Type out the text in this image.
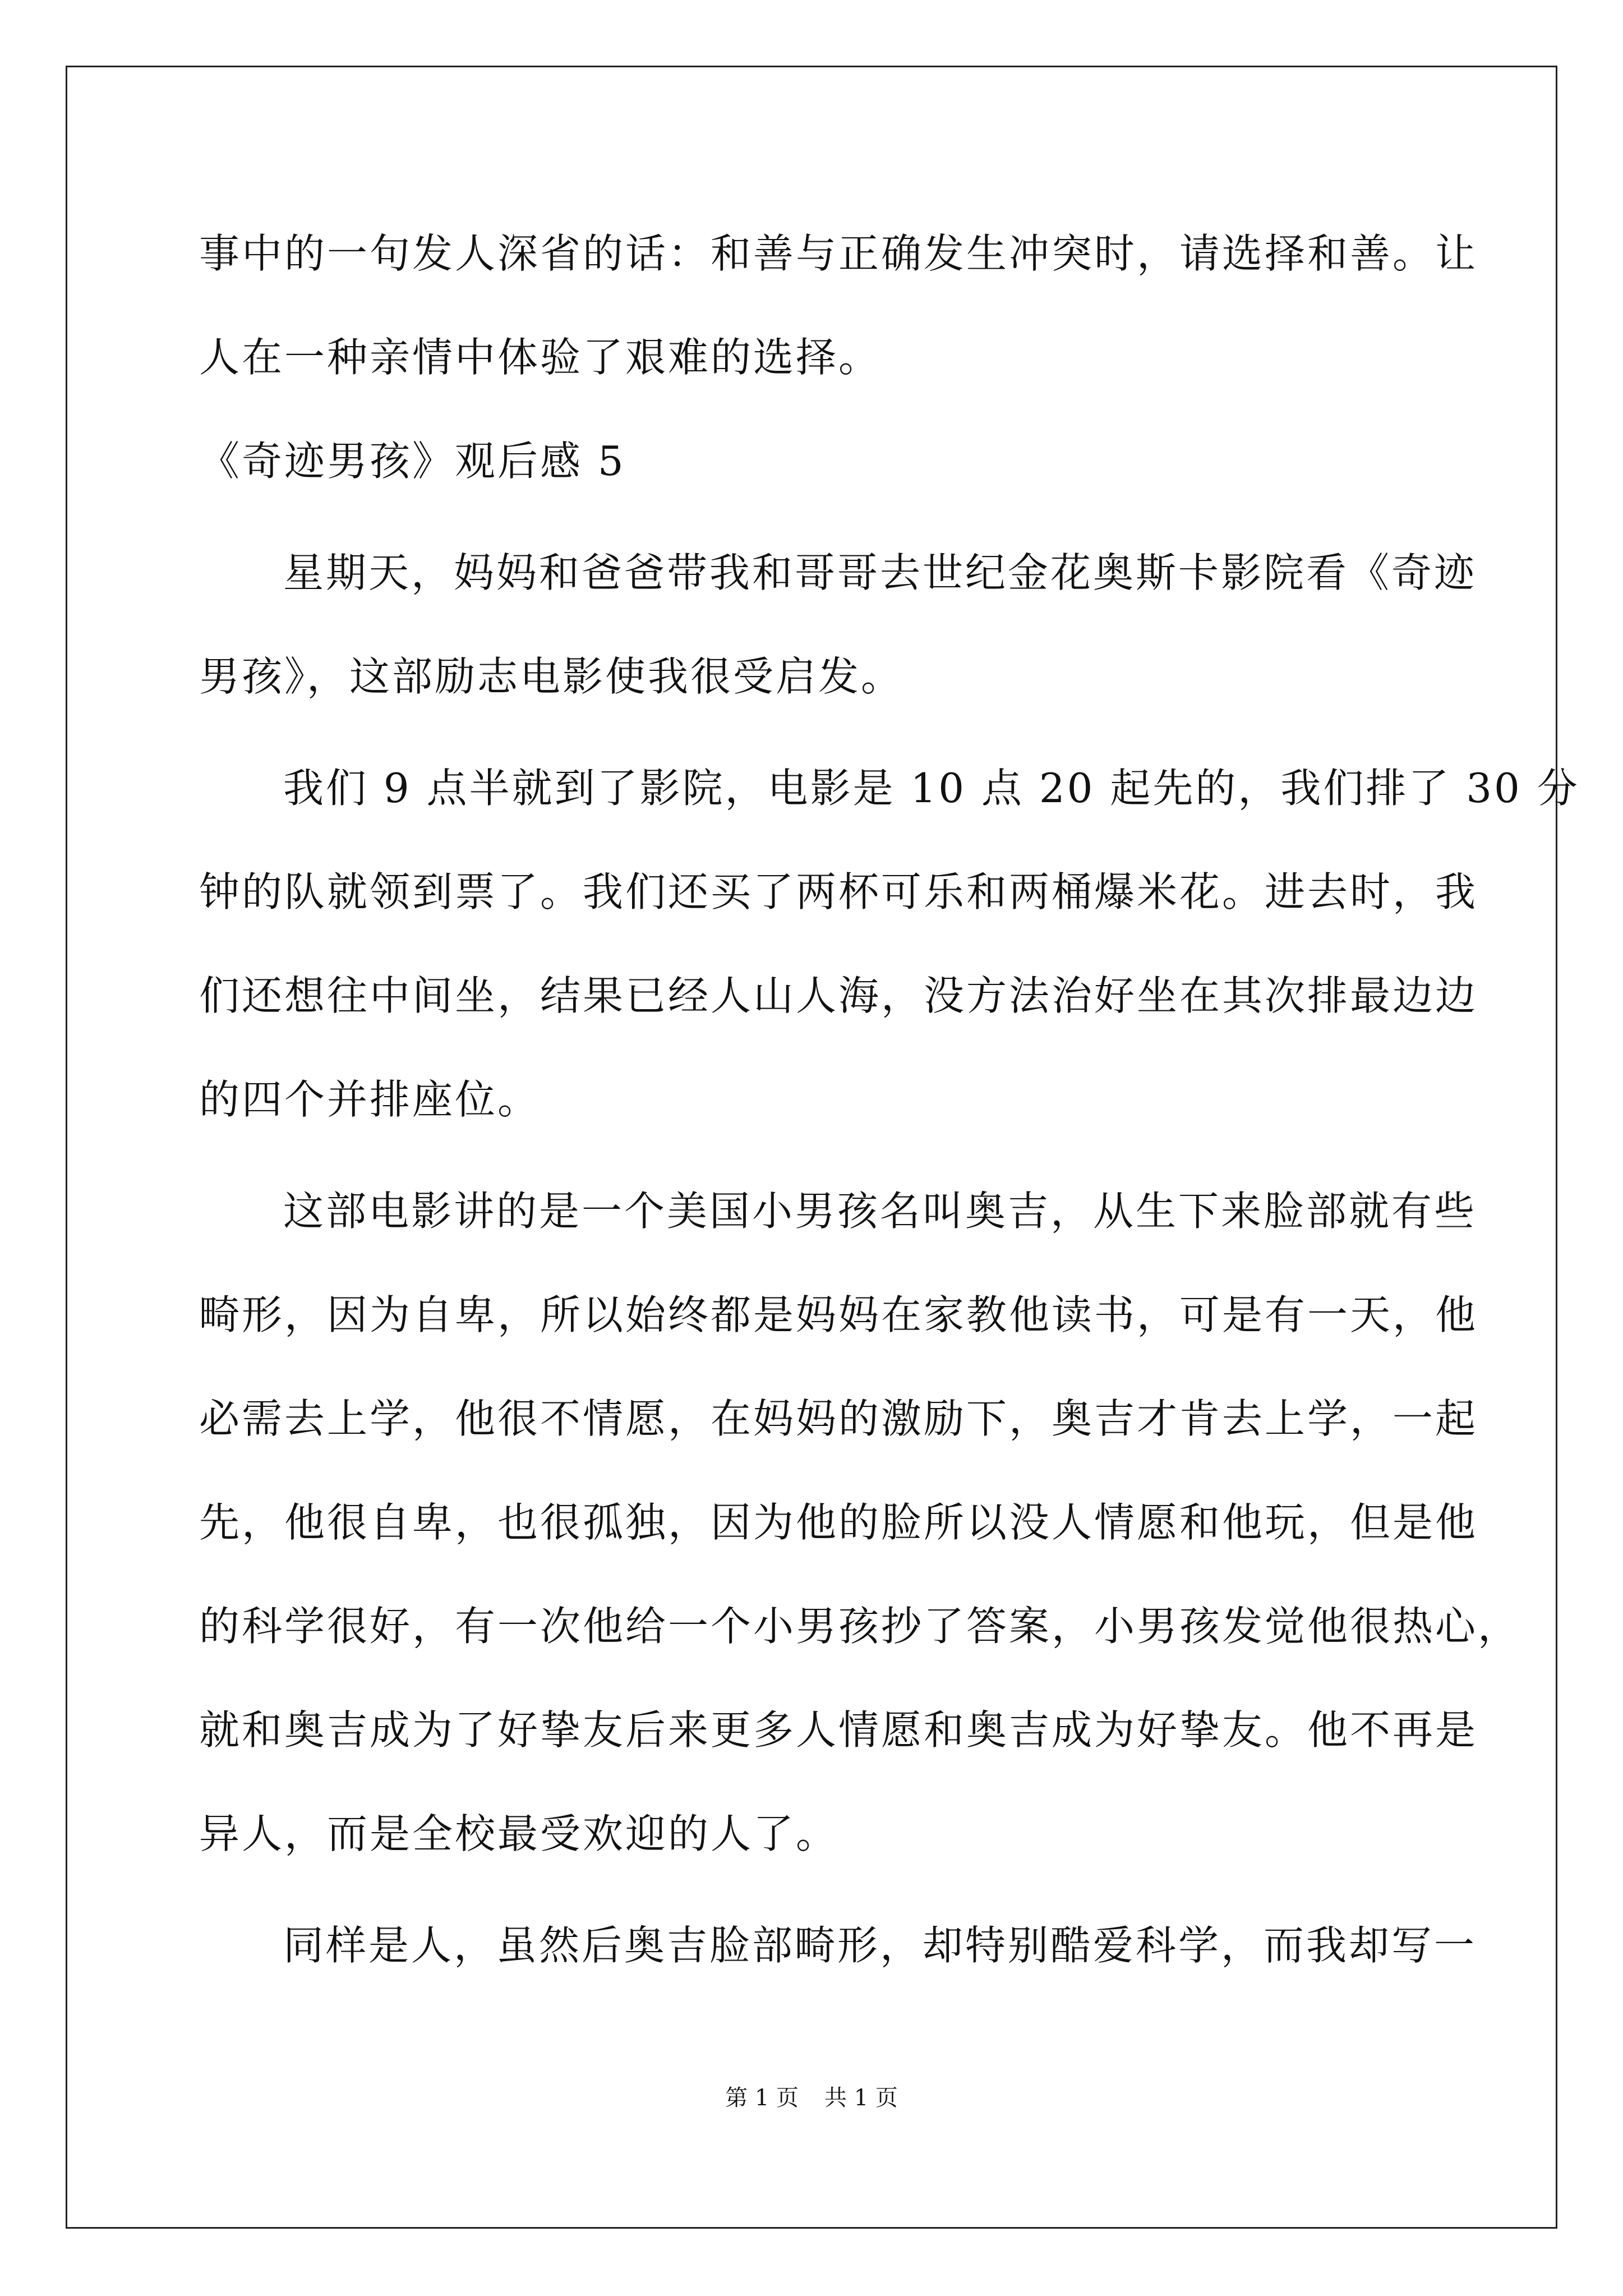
事中的一句发人深省的话：和善与正确发生冲突时，请选择和善。让
人在一种亲情中体验了艰难的选择。
《奇迹男孩》观后感 5
星期天，妈妈和爸爸带我和哥哥去世纪金花奥斯卡影院看《奇迹
男孩》，这部励志电影使我很受启发。
我们 9 点半就到了影院，电影是 10 点 20 起先的，我们排了 30 分
钟的队就领到票了。我们还买了两杯可乐和两桶爆米花。进去时，我
们还想往中间坐，结果已经人山人海，没方法治好坐在其次排最边边
的四个并排座位。
这部电影讲的是一个美国小男孩名叫奥吉，从生下来脸部就有些
畸形，因为自卑，所以始终都是妈妈在家教他读书，可是有一天，他
必需去上学，他很不情愿，在妈妈的激励下，奥吉才肯去上学，一起
先，他很自卑，也很孤独，因为他的脸所以没人情愿和他玩，但是他
的科学很好，有一次他给一个小男孩抄了答案，小男孩发觉他很热心，
就和奥吉成为了好挚友后来更多人情愿和奥吉成为好挚友。他不再是
异人，而是全校最受欢迎的人了。
同样是人，虽然后奥吉脸部畸形，却特别酷爱科学，而我却写一
第 1 页 共 1 页
